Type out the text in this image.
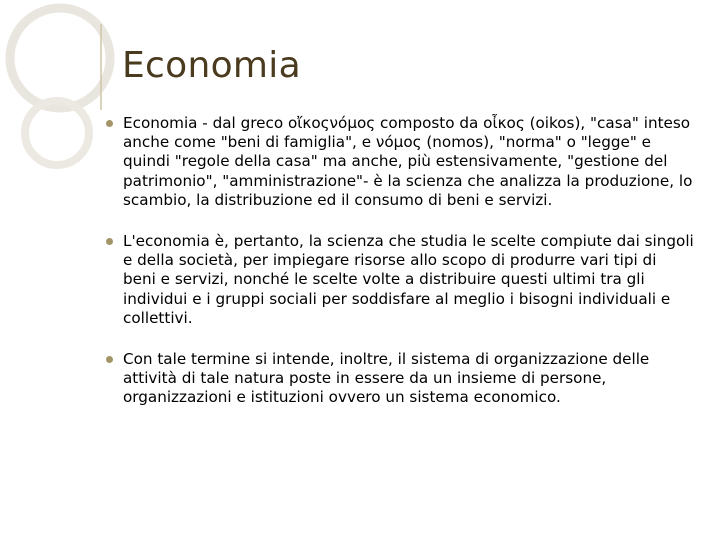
Economia
Economia - dal greco οἴκοςνόμος composto da οἶκος (oikos), "casa" inteso anche come "beni di famiglia", e νόμος (nomos), "norma" o "legge" e quindi "regole della casa" ma anche, più estensivamente, "gestione del patrimonio", "amministrazione"- è la scienza che analizza la produzione, lo scambio, la distribuzione ed il consumo di beni e servizi.
L'economia è, pertanto, la scienza che studia le scelte compiute dai singoli e della società, per impiegare risorse allo scopo di produrre vari tipi di beni e servizi, nonché le scelte volte a distribuire questi ultimi tra gli individui e i gruppi sociali per soddisfare al meglio i bisogni individuali e collettivi.
Con tale termine si intende, inoltre, il sistema di organizzazione delle attività di tale natura poste in essere da un insieme di persone, organizzazioni e istituzioni ovvero un sistema economico.
